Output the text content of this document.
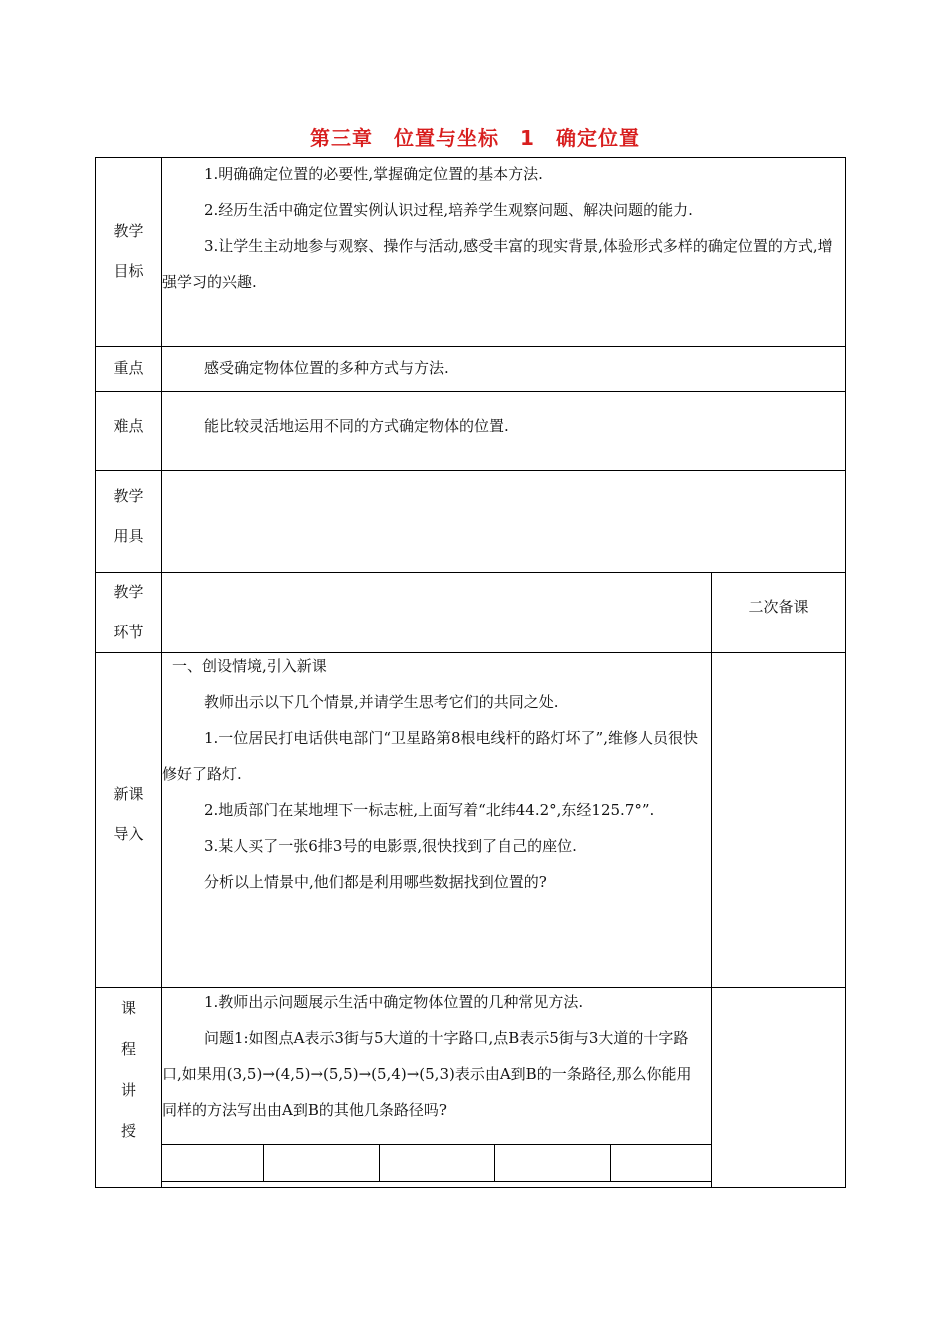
第三章　位置与坐标　1　确定位置
教学
目标

1.明确确定位置的必要性,掌握确定位置的基本方法.

2.经历生活中确定位置实例认识过程,培养学生观察问题、解决问题的能力.

3.让学生主动地参与观察、操作与活动,感受丰富的现实背景,体验形式多样的确定位置的方式,增强学习的兴趣.

重点	感受确定物体位置的多种方式与方法.

难点	能比较灵活地运用不同的方式确定物体的位置.

教学
用具
教学
环节
二次备课
新课
导入

一、创设情境,引入新课

教师出示以下几个情景,并请学生思考它们的共同之处.

1.一位居民打电话供电部门“卫星路第8根电线杆的路灯坏了”,维修人员很快修好了路灯.

2.地质部门在某地埋下一标志桩,上面写着“北纬44.2°,东经125.7°”.

3.某人买了一张6排3号的电影票,很快找到了自己的座位.

分析以上情景中,他们都是利用哪些数据找到位置的?

课
程
讲
授

1.教师出示问题展示生活中确定物体位置的几种常见方法.

问题1:如图点A表示3街与5大道的十字路口,点B表示5街与3大道的十字路口,如果用(3,5)→(4,5)→(5,5)→(5,4)→(5,3)表示由A到B的一条路径,那么你能用同样的方法写出由A到B的其他几条路径吗?
